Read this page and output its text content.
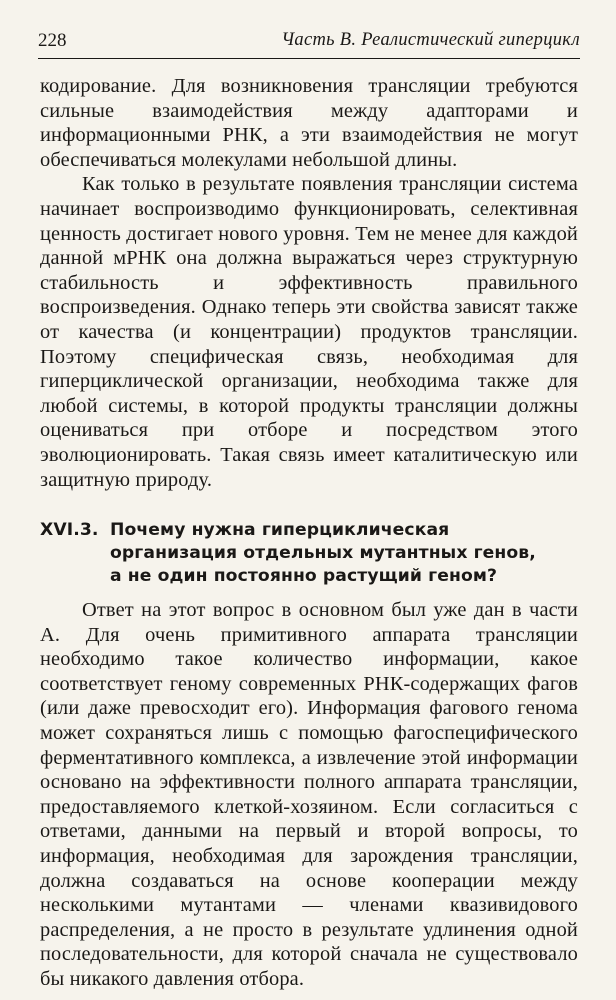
228	Часть B. Реалистический гиперцикл

кодирование. Для возникновения трансляции требуются сильные взаимодействия между адапторами и информационными РНК, а эти взаимодействия не могут обеспечиваться молекулами небольшой длины.

Как только в результате появления трансляции система начинает воспроизводимо функционировать, селективная ценность достигает нового уровня. Тем не менее для каждой данной мРНК она должна выражаться через структурную стабильность и эффективность правильного воспроизведения. Однако теперь эти свойства зависят также от качества (и концентрации) продуктов трансляции. Поэтому специфическая связь, необходимая для гиперциклической организации, необходима также для любой системы, в которой продукты трансляции должны оцениваться при отборе и посредством этого эволюционировать. Такая связь имеет каталитическую или защитную природу.

XVI.3. Почему нужна гиперциклическая
организация отдельных мутантных генов,
а не один постоянно растущий геном?

Ответ на этот вопрос в основном был уже дан в части А. Для очень примитивного аппарата трансляции необходимо такое количество информации, какое соответствует геному современных РНК-содержащих фагов (или даже превосходит его). Информация фагового генома может сохраняться лишь с помощью фагоспецифического ферментативного комплекса, а извлечение этой информации основано на эффективности полного аппарата трансляции, предоставляемого клеткой-хозяином. Если согласиться с ответами, данными на первый и второй вопросы, то информация, необходимая для зарождения трансляции, должна создаваться на основе кооперации между несколькими мутантами — членами квазивидового распределения, а не просто в результате удлинения одной последовательности, для которой сначала не существовало бы никакого давления отбора.
